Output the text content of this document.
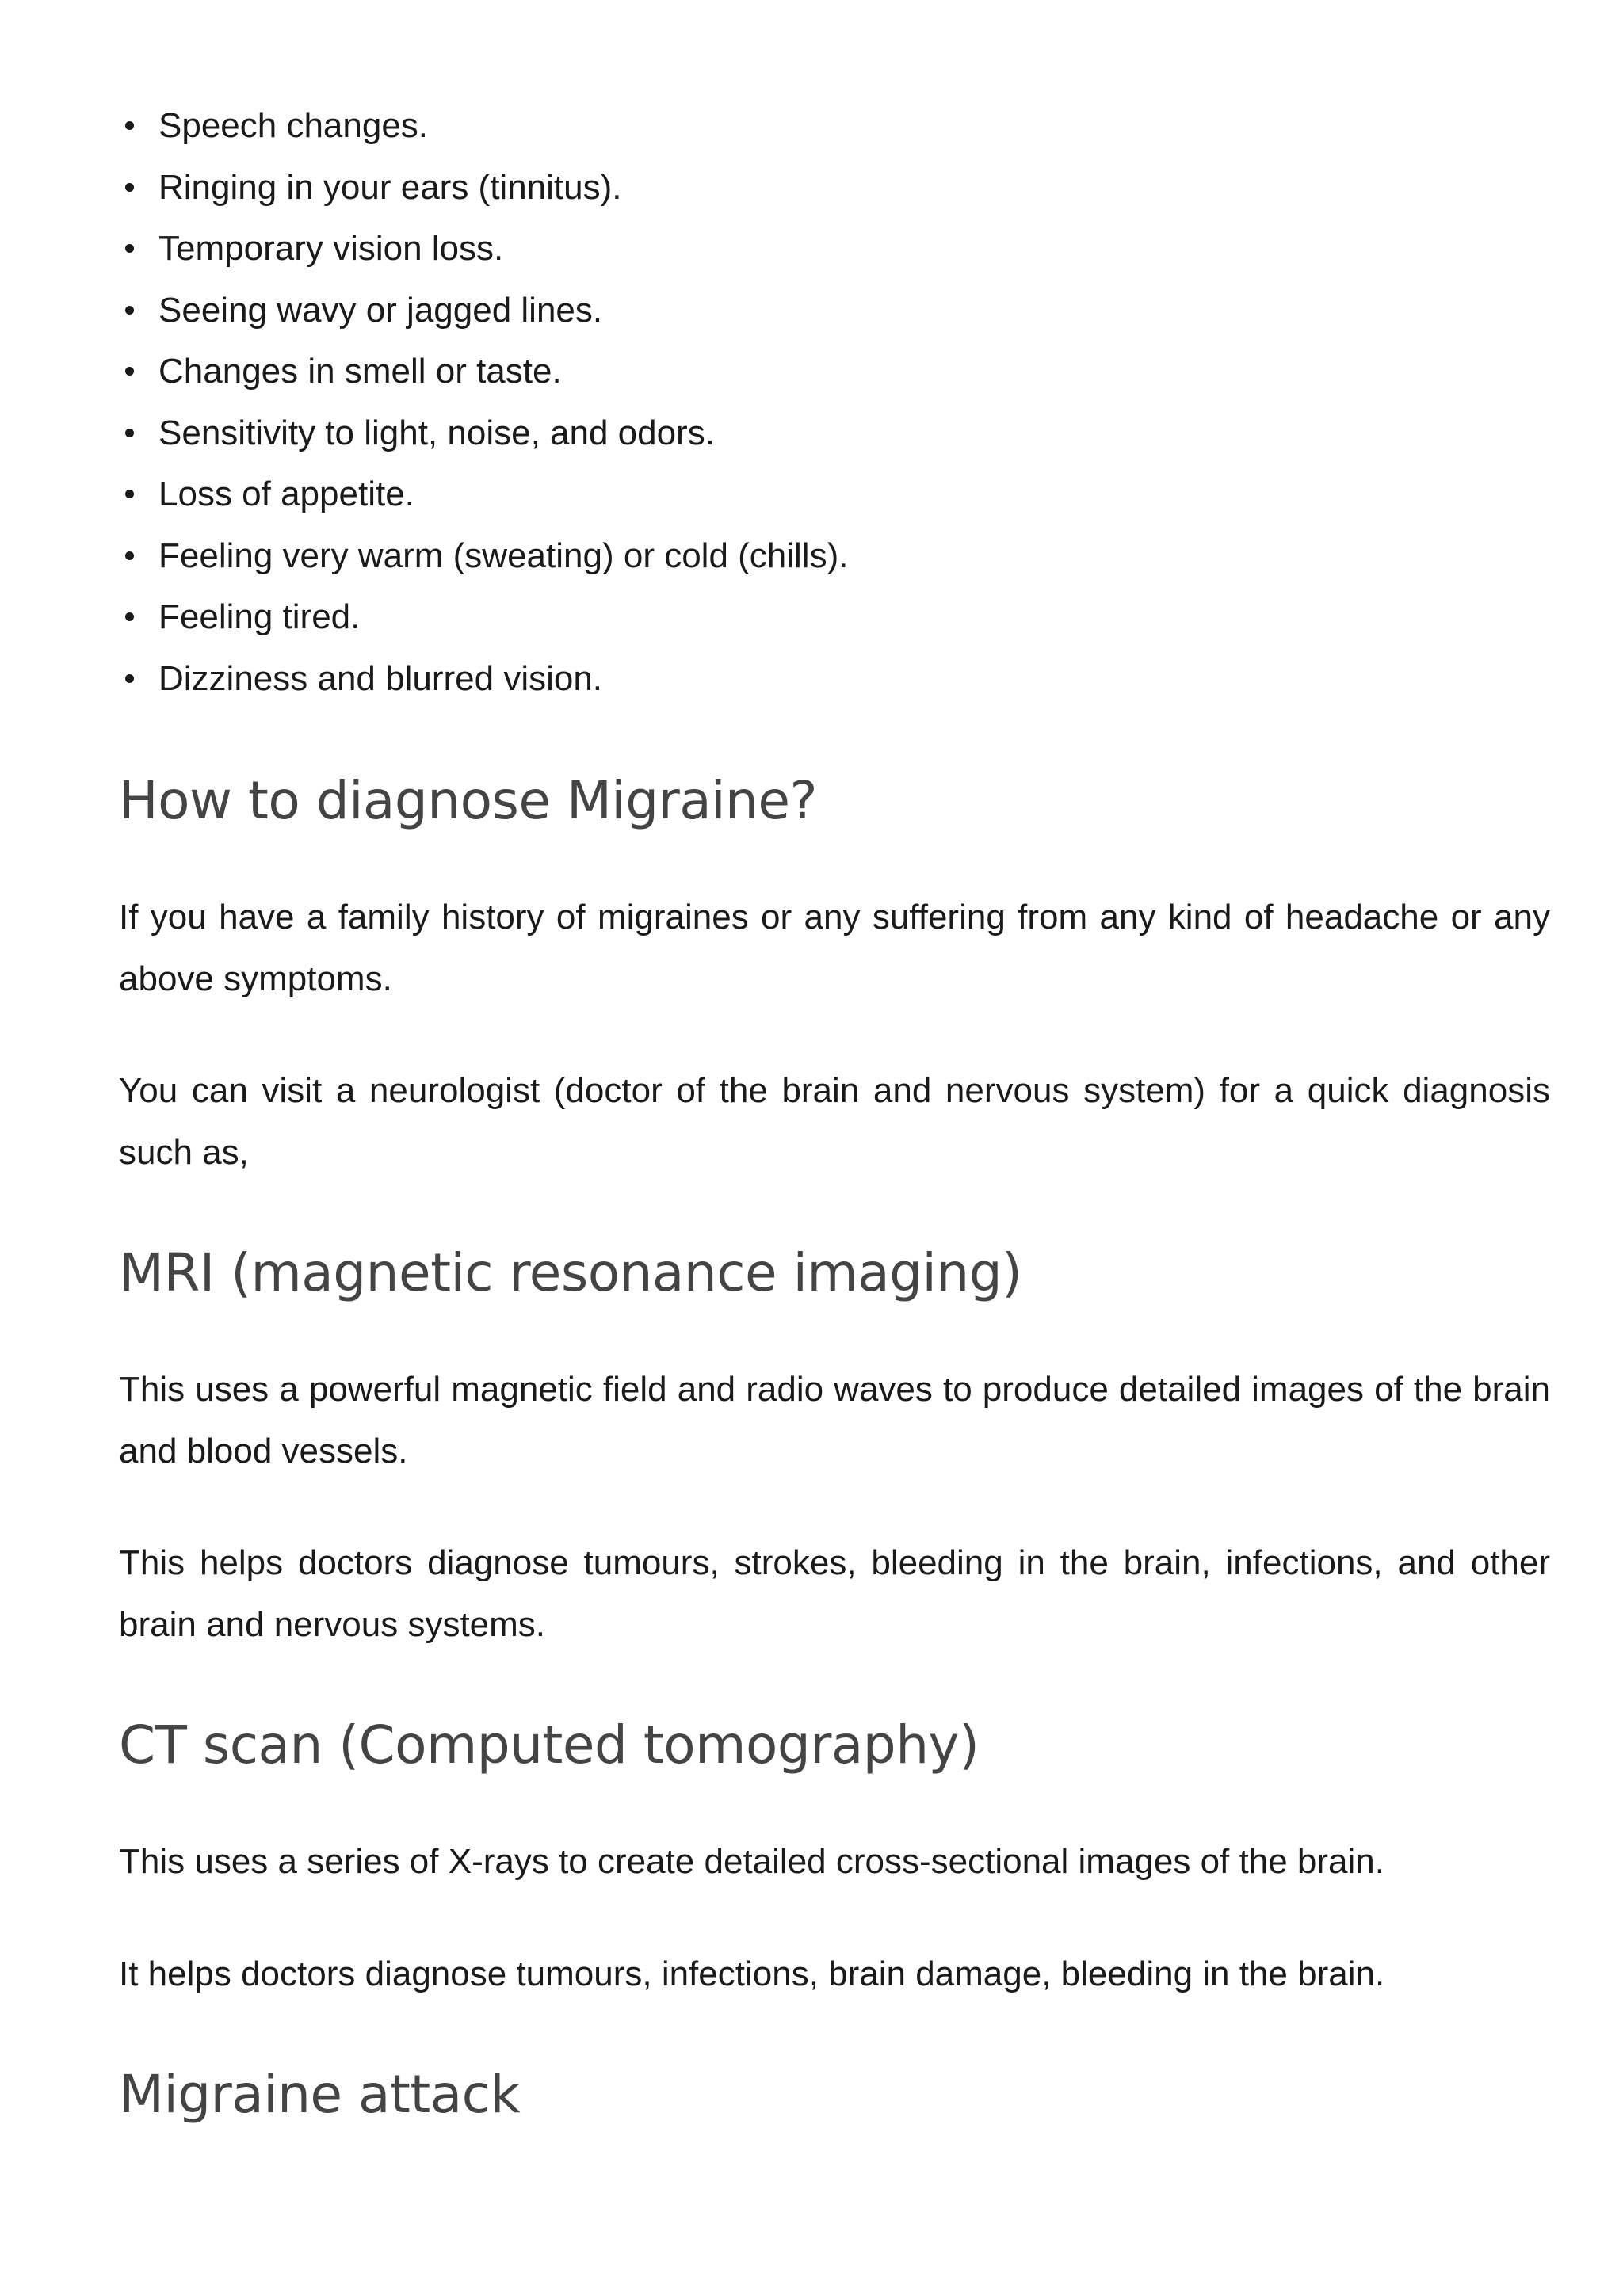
Speech changes.
Ringing in your ears (tinnitus).
Temporary vision loss.
Seeing wavy or jagged lines.
Changes in smell or taste.
Sensitivity to light, noise, and odors.
Loss of appetite.
Feeling very warm (sweating) or cold (chills).
Feeling tired.
Dizziness and blurred vision.
How to diagnose Migraine?

If you have a family history of migraines or any suffering from any kind of headache or any above symptoms.

You can visit a neurologist (doctor of the brain and nervous system) for a quick diagnosis such as,

MRI (magnetic resonance imaging)

This uses a powerful magnetic field and radio waves to produce detailed images of the brain and blood vessels.

This helps doctors diagnose tumours, strokes, bleeding in the brain, infections, and other brain and nervous systems.

CT scan (Computed tomography)

This uses a series of X-rays to create detailed cross-sectional images of the brain.

It helps doctors diagnose tumours, infections, brain damage, bleeding in the brain.

Migraine attack
